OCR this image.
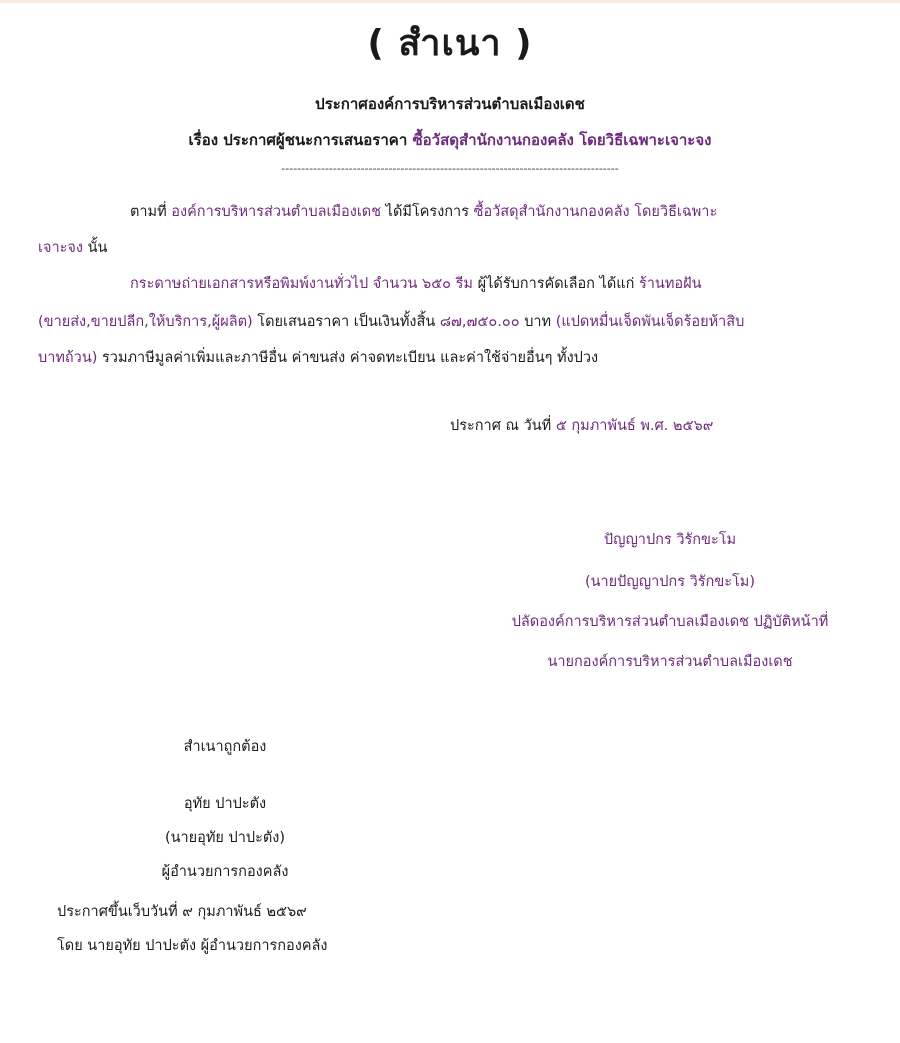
( สำเนา )
ประกาศองค์การบริหารส่วนตำบลเมืองเดช
เรื่อง ประกาศผู้ชนะการเสนอราคา ซื้อวัสดุสำนักงานกองคลัง โดยวิธีเฉพาะเจาะจง
-------------------------------------------------------------------------------------
ตามที่ องค์การบริหารส่วนตำบลเมืองเดช ได้มีโครงการ ซื้อวัสดุสำนักงานกองคลัง โดยวิธีเฉพาะ
เจาะจง นั้น
กระดาษถ่ายเอกสารหรือพิมพ์งานทั่วไป จำนวน ๖๕๐ รีม ผู้ได้รับการคัดเลือก ได้แก่ ร้านทอฝัน
(ขายส่ง,ขายปลีก,ให้บริการ,ผู้ผลิต) โดยเสนอราคา เป็นเงินทั้งสิ้น ๘๗,๗๕๐.๐๐ บาท (แปดหมื่นเจ็ดพันเจ็ดร้อยห้าสิบ
บาทถ้วน) รวมภาษีมูลค่าเพิ่มและภาษีอื่น ค่าขนส่ง ค่าจดทะเบียน และค่าใช้จ่ายอื่นๆ ทั้งปวง
ประกาศ ณ วันที่ ๕ กุมภาพันธ์ พ.ศ. ๒๕๖๙
ปัญญาปกร วิรักขะโม
(นายปัญญาปกร วิรักขะโม)
ปลัดองค์การบริหารส่วนตำบลเมืองเดช ปฏิบัติหน้าที่
นายกองค์การบริหารส่วนตำบลเมืองเดช
สำเนาถูกต้อง
อุทัย ปาปะตัง
(นายอุทัย ปาปะตัง)
ผู้อำนวยการกองคลัง
ประกาศขึ้นเว็บวันที่ ๙ กุมภาพันธ์ ๒๕๖๙
โดย นายอุทัย ปาปะตัง ผู้อำนวยการกองคลัง
